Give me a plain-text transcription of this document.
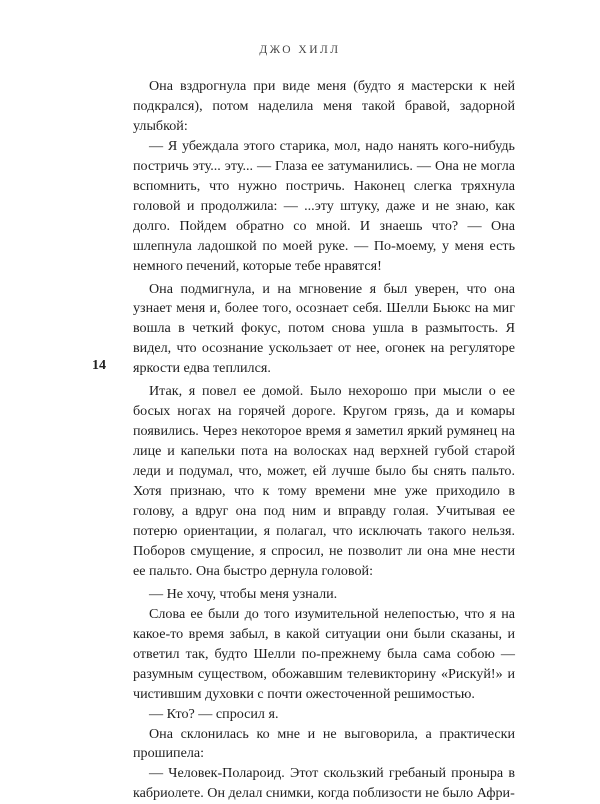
ДЖО ХИЛЛ
14

Она вздрогнула при виде меня (будто я мастерски к ней подкрался), потом наделила меня такой бравой, задорной улыбкой:

— Я убеждала этого старика, мол, надо нанять кого-нибудь постричь эту... эту... — Глаза ее затуманились. — Она не могла вспомнить, что нужно постричь. Наконец слегка тряхнула головой и продолжила: — ...эту штуку, даже и не знаю, как долго. Пойдем обратно со мной. И знаешь что? — Она шлепнула ладошкой по моей руке. — По-моему, у меня есть немного печений, которые тебе нравятся!

Она подмигнула, и на мгновение я был уверен, что она узнает меня и, более того, осознает себя. Шелли Бьюкс на миг вошла в четкий фокус, потом снова ушла в размытость. Я видел, что осознание ускользает от нее, огонек на регуляторе яркости едва теплился.

Итак, я повел ее домой. Было нехорошо при мысли о ее босых ногах на горячей дороге. Кругом грязь, да и комары появились. Через некоторое время я заметил яркий румянец на лице и капельки пота на волосках над верхней губой старой леди и подумал, что, может, ей лучше было бы снять пальто. Хотя признаю, что к тому времени мне уже приходило в голову, а вдруг она под ним и вправду голая. Учитывая ее потерю ориентации, я полагал, что исключать такого нельзя. Поборов смущение, я спросил, не позволит ли она мне нести ее пальто. Она быстро дернула головой:

— Не хочу, чтобы меня узнали.

Слова ее были до того изумительной нелепостью, что я на какое-то время забыл, в какой ситуации они были сказаны, и ответил так, будто Шелли по-прежнему была сама собою — разумным существом, обожавшим телевикторину «Рискуй!» и чистившим духовки с почти ожесточенной решимостью.

— Кто? — спросил я.

Она склонилась ко мне и не выговорила, а практически прошипела:

— Человек-Полароид. Этот скользкий гребаный проныра в кабриолете. Он делал снимки, когда поблизости не было Афри-
